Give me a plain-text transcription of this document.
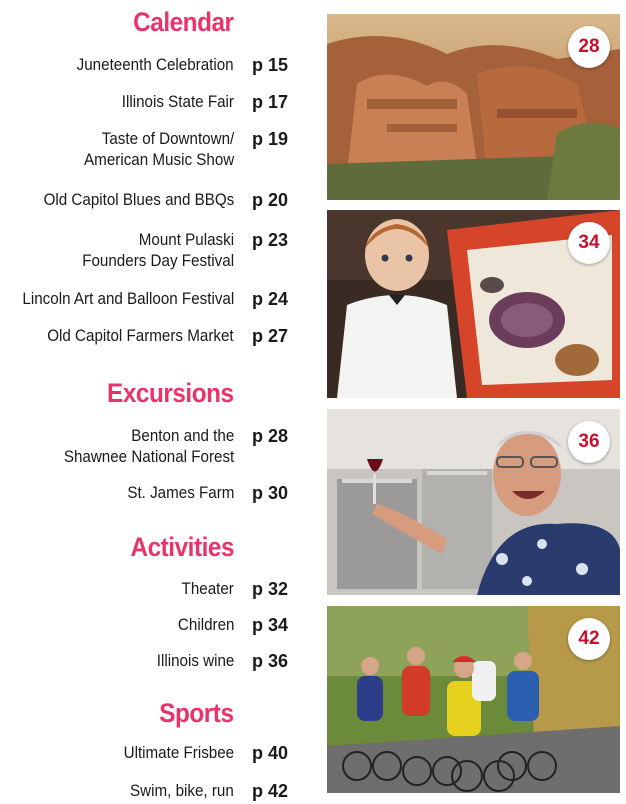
Calendar
Juneteenth Celebration p 15
Illinois State Fair p 17
Taste of Downtown/
American Music Show
p 19
Old Capitol Blues and BBQs p 20
Mount Pulaski
Founders Day Festival
p 23
Lincoln Art and Balloon Festival p 24
Old Capitol Farmers Market p 27
Excursions
Benton and the
Shawnee National Forest
p 28
St. James Farm p 30
Activities
Theater p 32
Children p 34
Illinois wine p 36
Sports
Ultimate Frisbee p 40
Swim, bike, run p 42
28
34
36
42
